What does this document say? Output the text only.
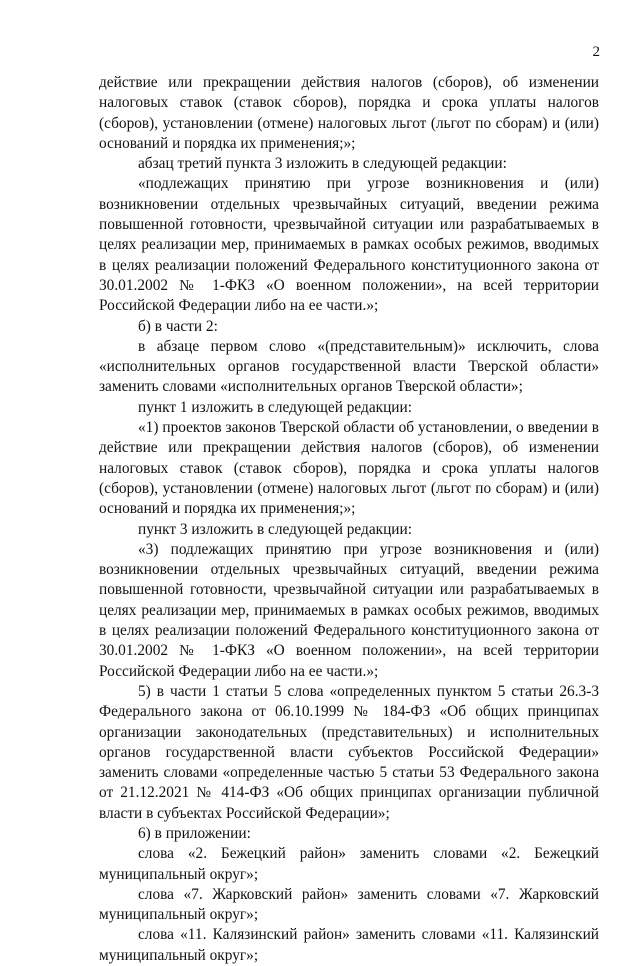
2

действие или прекращении действия налогов (сборов), об изменении налоговых ставок (ставок сборов), порядка и срока уплаты налогов (сборов), установлении (отмене) налоговых льгот (льгот по сборам) и (или) оснований и порядка их применения;»;

абзац третий пункта 3 изложить в следующей редакции:

«подлежащих принятию при угрозе возникновения и (или) возникновении отдельных чрезвычайных ситуаций, введении режима повышенной готовности, чрезвычайной ситуации или разрабатываемых в целях реализации мер, принимаемых в рамках особых режимов, вводимых в целях реализации положений Федерального конституционного закона от 30.01.2002 № 1-ФКЗ «О военном положении», на всей территории Российской Федерации либо на ее части.»;

б) в части 2:

в абзаце первом слово «(представительным)» исключить, слова «исполнительных органов государственной власти Тверской области» заменить словами «исполнительных органов Тверской области»;

пункт 1 изложить в следующей редакции:

«1) проектов законов Тверской области об установлении, о введении в действие или прекращении действия налогов (сборов), об изменении налоговых ставок (ставок сборов), порядка и срока уплаты налогов (сборов), установлении (отмене) налоговых льгот (льгот по сборам) и (или) оснований и порядка их применения;»;

пункт 3 изложить в следующей редакции:

«3) подлежащих принятию при угрозе возникновения и (или) возникновении отдельных чрезвычайных ситуаций, введении режима повышенной готовности, чрезвычайной ситуации или разрабатываемых в целях реализации мер, принимаемых в рамках особых режимов, вводимых в целях реализации положений Федерального конституционного закона от 30.01.2002 № 1-ФКЗ «О военном положении», на всей территории Российской Федерации либо на ее части.»;

5) в части 1 статьи 5 слова «определенных пунктом 5 статьи 26.3-3 Федерального закона от 06.10.1999 № 184-ФЗ «Об общих принципах организации законодательных (представительных) и исполнительных органов государственной власти субъектов Российской Федерации» заменить словами «определенные частью 5 статьи 53 Федерального закона от 21.12.2021 № 414-ФЗ «Об общих принципах организации публичной власти в субъектах Российской Федерации»;

6) в приложении:

слова «2. Бежецкий район» заменить словами «2. Бежецкий муниципальный округ»;

слова «7. Жарковский район» заменить словами «7. Жарковский муниципальный округ»;

слова «11. Калязинский район» заменить словами «11. Калязинский муниципальный округ»;
